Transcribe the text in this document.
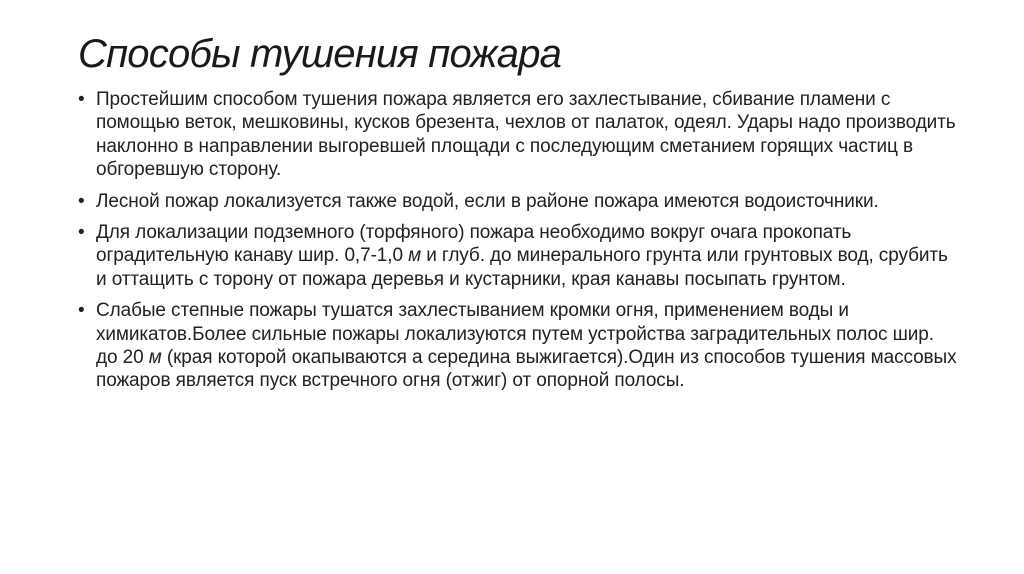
Способы тушения пожара
• Простейшим способом тушения пожара является его захлестывание, сбивание пламени с помощью веток, мешковины, кусков брезента, чехлов от палаток, одеял. Удары надо производить наклонно в направлении выгоревшей площади с последующим сметанием горящих частиц в обгоревшую сторону.
• Лесной пожар локализуется также водой, если в районе пожара имеются водоисточники.
• Для локализации подземного (торфяного) пожара необходимо вокруг очага прокопать оградительную канаву шир. 0,7-1,0 м и глуб. до минерального грунта или грунтовых вод, срубить и оттащить с торону от пожара деревья и кустарники, края канавы посыпать грунтом.
• Слабые степные пожары тушатся захлестыванием кромки огня, применением воды и химикатов.Более сильные пожары локализуются путем устройства заградительных полос шир. до 20 м (края которой окапываются а середина выжигается).Один из способов тушения массовых пожаров является пуск встречного огня (отжиг) от опорной полосы.
